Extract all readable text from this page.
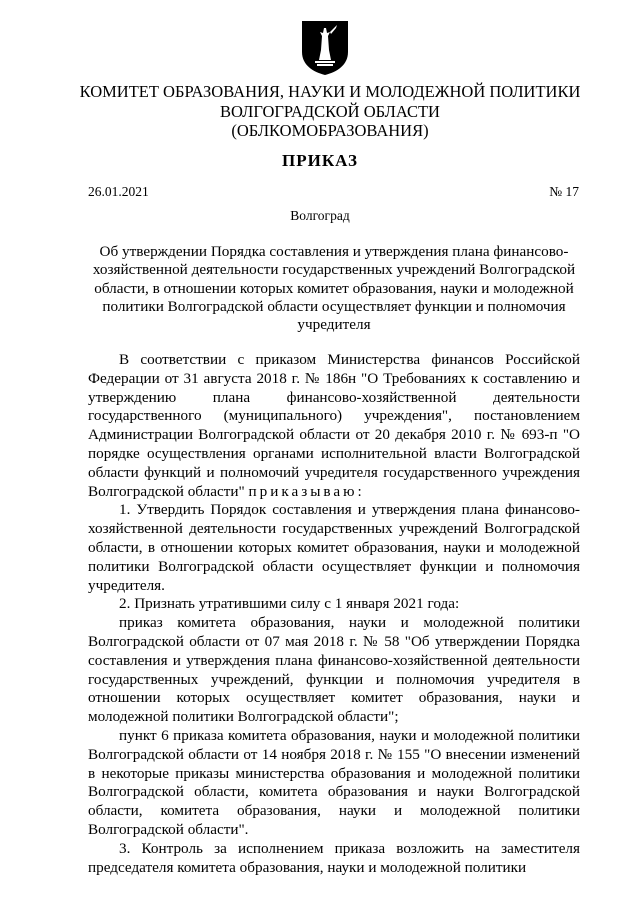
КОМИТЕТ ОБРАЗОВАНИЯ, НАУКИ И МОЛОДЕЖНОЙ ПОЛИТИКИ
ВОЛГОГРАДСКОЙ ОБЛАСТИ
(ОБЛКОМОБРАЗОВАНИЯ)
ПРИКАЗ
26.01.2021	№ 17
Волгоград
Об утверждении Порядка составления и утверждения плана финансово-хозяйственной деятельности государственных учреждений Волгоградской области, в отношении которых комитет образования, науки и молодежной политики Волгоградской области осуществляет функции и полномочия учредителя

В соответствии с приказом Министерства финансов Российской Федерации от 31 августа 2018 г. № 186н "О Требованиях к составлению и утверждению плана финансово-хозяйственной деятельности государственного (муниципального) учреждения", постановлением Администрации Волгоградской области от 20 декабря 2010 г. № 693-п "О порядке осуществления органами исполнительной власти Волгоградской области функций и полномочий учредителя государственного учреждения Волгоградской области" приказываю:

1. Утвердить Порядок составления и утверждения плана финансово-хозяйственной деятельности государственных учреждений Волгоградской области, в отношении которых комитет образования, науки и молодежной политики Волгоградской области осуществляет функции и полномочия учредителя.

2. Признать утратившими силу с 1 января 2021 года:

приказ комитета образования, науки и молодежной политики Волгоградской области от 07 мая 2018 г. № 58 "Об утверждении Порядка составления и утверждения плана финансово-хозяйственной деятельности государственных учреждений, функции и полномочия учредителя в отношении которых осуществляет комитет образования, науки и молодежной политики Волгоградской области";

пункт 6 приказа комитета образования, науки и молодежной политики Волгоградской области от 14 ноября 2018 г. № 155 "О внесении изменений в некоторые приказы министерства образования и молодежной политики Волгоградской области, комитета образования и науки Волгоградской области, комитета образования, науки и молодежной политики Волгоградской области".

3. Контроль за исполнением приказа возложить на заместителя председателя комитета образования, науки и молодежной политики
